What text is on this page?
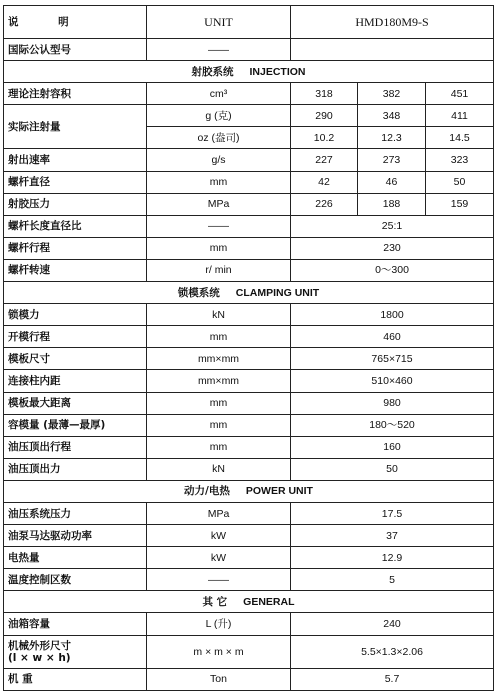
说 明	UNIT	HMD180M9-S		
国际公认型号	——			
射胶系统 INJECTION				
理论注射容积	cm³	318	382	451
实际注射量	g (克)	290	348	411
	oz (盎司)	10.2	12.3	14.5
射出速率	g/s	227	273	323
螺杆直径	mm	42	46	50
射胶压力	MPa	226	188	159
螺杆长度直径比	——	25:1		
螺杆行程	mm	230		
螺杆转速	r/ min	0～300		
锁模系统 CLAMPING UNIT				
锁模力	kN	1800		
开模行程	mm	460		
模板尺寸	mm×mm	765×715		
连接柱内距	mm×mm	510×460		
模板最大距离	mm	980		
容模量 (最薄—最厚)	mm	180～520		
油压顶出行程	mm	160		
油压顶出力	kN	50		
动力/电热 POWER UNIT				
油压系统压力	MPa	17.5		
油泵马达驱动功率	kW	37		
电热量	kW	12.9		
温度控制区数	——	5		
其 它 GENERAL				
油箱容量	L (升)	240		

机械外形尺寸
(l × w × h)	m × m × m	5.5×1.3×2.06		
机 重	Ton	5.7		
